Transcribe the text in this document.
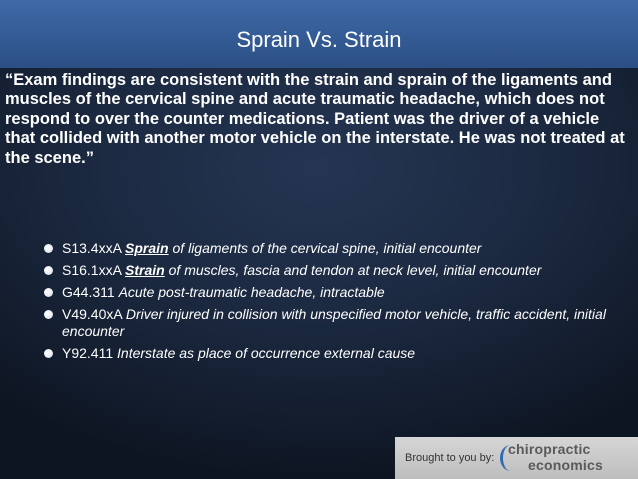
Sprain Vs. Strain

“Exam findings are consistent with the strain and sprain of the ligaments and muscles of the cervical spine and acute traumatic headache, which does not respond to over the counter medications. Patient was the driver of a vehicle that collided with another motor vehicle on the interstate. He was not treated at the scene.”

S13.4xxA Sprain of ligaments of the cervical spine, initial encounter
S16.1xxA Strain of muscles, fascia and tendon at neck level, initial encounter
G44.311 Acute post-traumatic headache, intractable
V49.40xA Driver injured in collision with unspecified motor vehicle, traffic accident, initial encounter
Y92.411 Interstate as place of occurrence external cause
Brought to you by:
chiropractic
economics
